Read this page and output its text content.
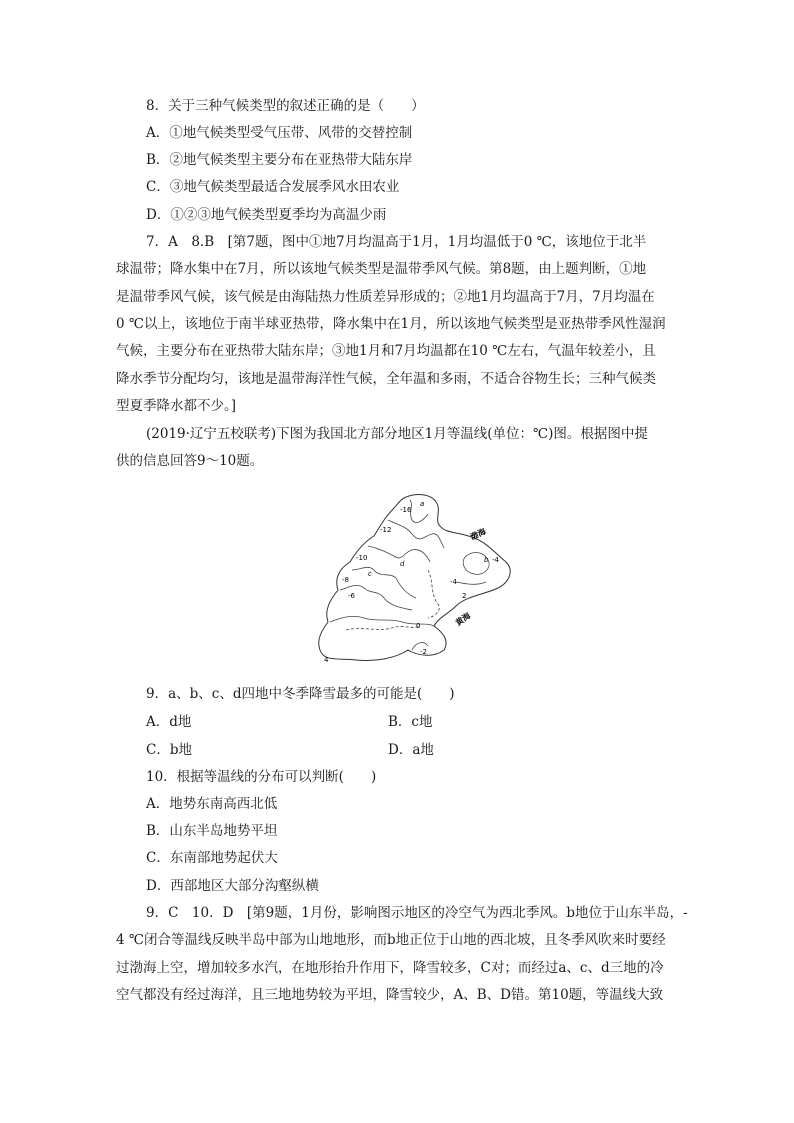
8．关于三种气候类型的叙述正确的是（　　）
A．①地气候类型受气压带、风带的交替控制
B．②地气候类型主要分布在亚热带大陆东岸
C．③地气候类型最适合发展季风水田农业
D．①②③地气候类型夏季均为高温少雨
7．A　8.B　[第7题，图中①地7月均温高于1月，1月均温低于0 ℃，该地位于北半
球温带；降水集中在7月，所以该地气候类型是温带季风气候。第8题，由上题判断，①地
是温带季风气候，该气候是由海陆热力性质差异形成的；②地1月均温高于7月，7月均温在
0 ℃以上，该地位于南半球亚热带，降水集中在1月，所以该地气候类型是亚热带季风性湿润
气候，主要分布在亚热带大陆东岸；③地1月和7月均温都在10 ℃左右，气温年较差小，且
降水季节分配均匀，该地是温带海洋性气候，全年温和多雨，不适合谷物生长；三种气候类
型夏季降水都不少。]
(2019·辽宁五校联考)下图为我国北方部分地区1月等温线(单位：℃)图。根据图中提
供的信息回答9～10题。
渤海
黄海
a
b
c
d
-16
-12
-10
-8
-6
-4
-4
-2
0
2
4
9．a、b、c、d四地中冬季降雪最多的可能是(　　)
A．d地	B．c地
C．b地	D．a地
10．根据等温线的分布可以判断(　　)
A．地势东南高西北低
B．山东半岛地势平坦
C．东南部地势起伏大
D．西部地区大部分沟壑纵横
9．C　10．D　[第9题，1月份，影响图示地区的冷空气为西北季风。b地位于山东半岛，-
4 ℃闭合等温线反映半岛中部为山地地形，而b地正位于山地的西北坡，且冬季风吹来时要经
过渤海上空，增加较多水汽，在地形抬升作用下，降雪较多，C对；而经过a、c、d三地的冷
空气都没有经过海洋，且三地地势较为平坦，降雪较少，A、B、D错。第10题，等温线大致
